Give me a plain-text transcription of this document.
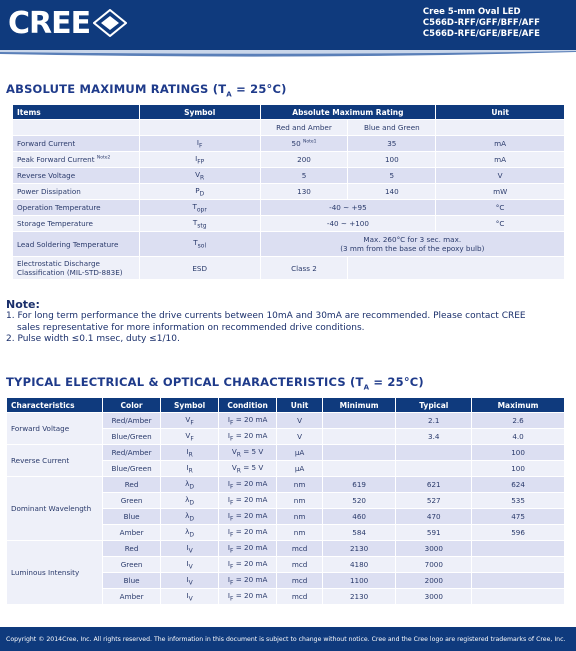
CREE	Cree 5-mm Oval LED
C566D-RFF/GFF/BFF/AFF
C566D-RFE/GFE/BFE/AFE
ABSOLUTE MAXIMUM RATINGS $(T_A = 25^\circ C)$
Items	Symbol	Absolute Maximum Rating		Unit
		Red and Amber	Blue and Green	
Forward Current	$I_F$	50 $^{Note1}$	35	mA
Peak Forward Current $^{Note2}$	$I_{FP}$	200	100	mA
Reverse Voltage	$V_R$	5	5	V
Power Dissipation	$P_D$	130	140	mW
Operation Temperature	$T_{opr}$	-40 ~ +95		°C
Storage Temperature	$T_{stg}$	-40 ~ +100		°C
Lead Soldering Temperature	$T_{sol}$	Max. 260°C for 3 sec. max.
(3 mm from the base of the epoxy bulb)		

Electrostatic Discharge
Classification (MIL-STD-883E)	ESD	Class 2		
Note:
1. For long term performance the drive currents between 10mA and 30mA are recommended. Please contact CREE
sales representative for more information on recommended drive conditions.
2. Pulse width ≤0.1 msec, duty ≤1/10.
TYPICAL ELECTRICAL & OPTICAL CHARACTERISTICS $(T_A = 25^\circ C)$
Characteristics	Color	Symbol	Condition	Unit	Minimum	Typical	Maximum
Forward Voltage	Red/Amber	$V_F$	$I_F = 20$ mA	V		2.1	2.6
	Blue/Green	$V_F$	$I_F = 20$ mA	V		3.4	4.0
Reverse Current	Red/Amber	$I_R$	$V_R = 5$ V	µA			100
	Blue/Green	$I_R$	$V_R = 5$ V	µA			100
Dominant Wavelength	Red	$\lambda_D$	$I_F = 20$ mA	nm	619	621	624
	Green	$\lambda_D$	$I_F = 20$ mA	nm	520	527	535
	Blue	$\lambda_D$	$I_F = 20$ mA	nm	460	470	475
	Amber	$\lambda_D$	$I_F = 20$ mA	nm	584	591	596
Luminous Intensity	Red	$I_V$	$I_F = 20$ mA	mcd	2130	3000	
	Green	$I_V$	$I_F = 20$ mA	mcd	4180	7000	
	Blue	$I_V$	$I_F = 20$ mA	mcd	1100	2000	
	Amber	$I_V$	$I_F = 20$ mA	mcd	2130	3000	
Copyright © 2014Cree, Inc. All rights reserved. The information in this document is subject to change without notice. Cree and the Cree logo are registered trademarks of Cree, Inc.
